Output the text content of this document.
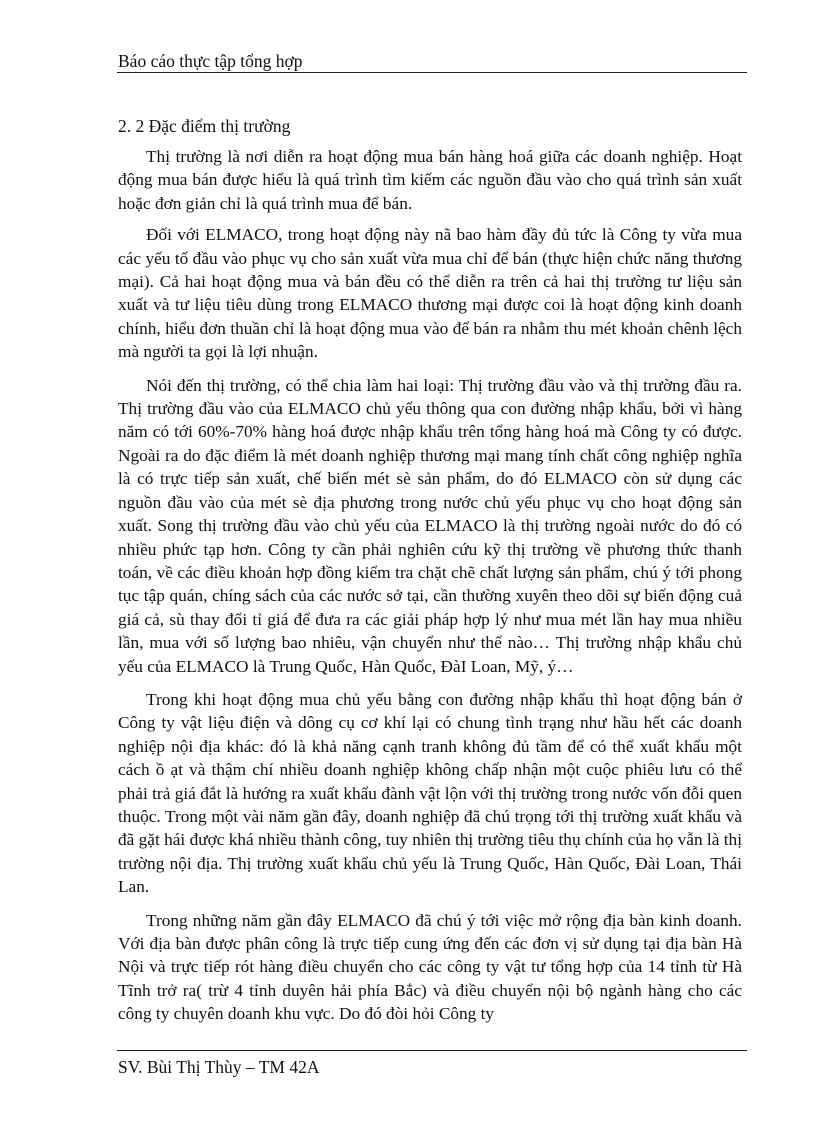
Báo cáo thực tập tổng hợp
2. 2 Đặc điểm thị trường

Thị trường là nơi diễn ra hoạt động mua bán hàng hoá giữa các doanh nghiệp. Hoạt động mua bán được hiểu là quá trình tìm kiếm các nguồn đầu vào cho quá trình sản xuất hoặc đơn giản chỉ là quá trình mua để bán.

Đối với ELMACO, trong hoạt động này nã bao hàm đầy đủ tức là Công ty vừa mua các yếu tố đầu vào phục vụ cho sản xuất vừa mua chỉ để bán (thực hiện chức năng thương mại). Cả hai hoạt động mua và bán đều có thể diễn ra trên cả hai thị trường tư liệu sản xuất và tư liệu tiêu dùng trong ELMACO thương mại được coi là hoạt động kinh doanh chính, hiểu đơn thuần chỉ là hoạt động mua vào để bán ra nhằm thu mét khoản chênh lệch mà người ta gọi là lợi nhuận.

Nói đến thị trường, có thể chia làm hai loại: Thị trường đầu vào và thị trường đầu ra. Thị trường đầu vào của ELMACO chủ yếu thông qua con đường nhập khẩu, bởi vì hàng năm có tới 60%-70% hàng hoá được nhập khẩu trên tổng hàng hoá mà Công ty có được. Ngoài ra do đặc điểm là mét doanh nghiệp thương mại mang tính chất công nghiệp nghĩa là có trực tiếp sản xuất, chế biến mét sè sản phẩm, do đó ELMACO còn sử dụng các nguồn đầu vào của mét sè địa phương trong nước chủ yếu phục vụ cho hoạt động sản xuất. Song thị trường đầu vào chủ yếu của ELMACO là thị trường ngoài nước do đó có nhiều phức tạp hơn. Công ty cần phải nghiên cứu kỹ thị trường về phương thức thanh toán, về các điều khoản hợp đồng kiểm tra chặt chẽ chất lượng sản phẩm, chú ý tới phong tục tập quán, chíng sách của các nước sở tại, cần thường xuyên theo dõi sự biến động cuả giá cả, sù thay đổi tỉ giá để đưa ra các giải pháp hợp lý như mua mét lần hay mua nhiều lần, mua với số lượng bao nhiêu, vận chuyển như thế nào… Thị trường nhập khẩu chủ yếu của ELMACO là Trung Quốc, Hàn Quốc, ĐàI Loan, Mỹ, ý…

Trong khi hoạt động mua chủ yếu bằng con đường nhập khẩu thì hoạt động bán ở Công ty vật liệu điện và dông cụ cơ khí lại có chung tình trạng như hầu hết các doanh nghiệp nội địa khác: đó là khả năng cạnh tranh không đủ tầm để có thể xuất khẩu một cách ồ ạt và thậm chí nhiều doanh nghiệp không chấp nhận một cuộc phiêu lưu có thể phải trả giá đắt là hướng ra xuất khẩu đành vật lộn với thị trường trong nước vốn đỗi quen thuộc. Trong một vài năm gần đây, doanh nghiệp đã chú trọng tới thị trường xuất khẩu và đã gặt hái được khá nhiều thành công, tuy nhiên thị trường tiêu thụ chính của họ vẫn là thị trường nội địa. Thị trường xuất khẩu chủ yếu là Trung Quốc, Hàn Quốc, Đài Loan, Thái Lan.

Trong những năm gần đây ELMACO đã chú ý tới việc mở rộng địa bàn kinh doanh. Với địa bàn được phân công là trực tiếp cung ứng đến các đơn vị sử dụng tại địa bàn Hà Nội và trực tiếp rót hàng điều chuyển cho các công ty vật tư tổng hợp của 14 tỉnh từ Hà Tĩnh trở ra( trừ 4 tỉnh duyên hải phía Bắc) và điều chuyển nội bộ ngành hàng cho các công ty chuyên doanh khu vực. Do đó đòi hỏi Công ty

SV. Bùi Thị Thùy – TM 42A
